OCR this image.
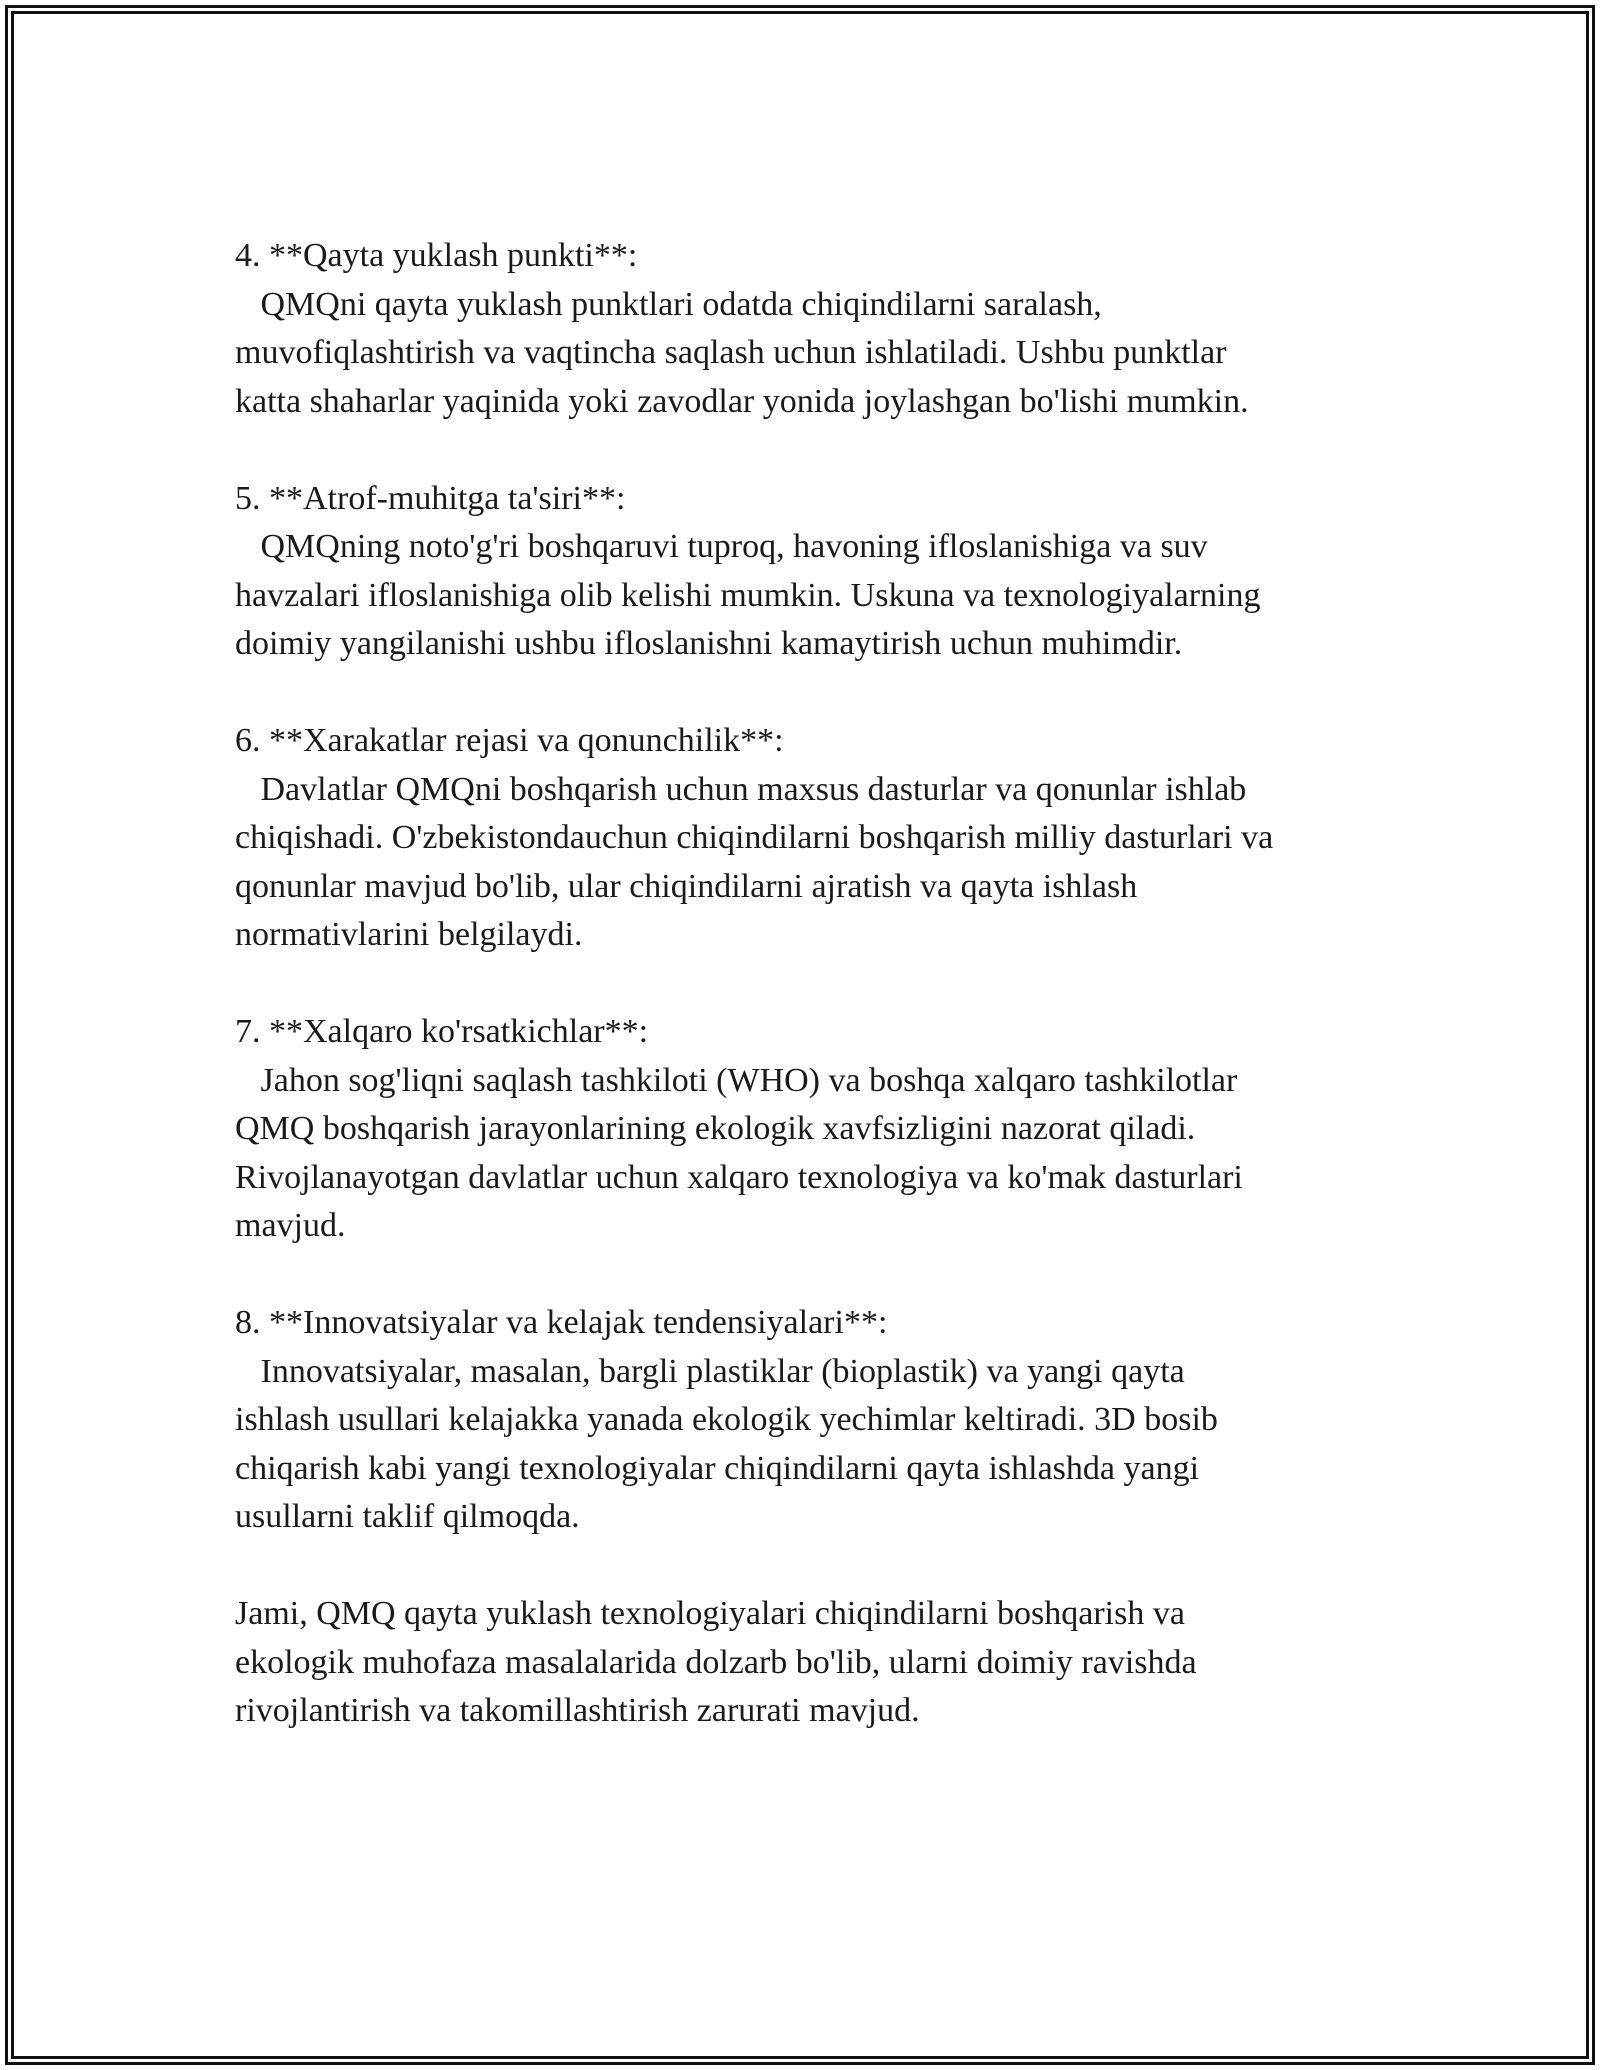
4. **Qayta yuklash punkti**:

QMQni qayta yuklash punktlari odatda chiqindilarni saralash,

muvofiqlashtirish va vaqtincha saqlash uchun ishlatiladi. Ushbu punktlar

katta shaharlar yaqinida yoki zavodlar yonida joylashgan bo'lishi mumkin.

5. **Atrof-muhitga ta'siri**:

QMQning noto'g'ri boshqaruvi tuproq, havoning ifloslanishiga va suv

havzalari ifloslanishiga olib kelishi mumkin. Uskuna va texnologiyalarning

doimiy yangilanishi ushbu ifloslanishni kamaytirish uchun muhimdir.

6. **Xarakatlar rejasi va qonunchilik**:

Davlatlar QMQni boshqarish uchun maxsus dasturlar va qonunlar ishlab

chiqishadi. O'zbekistondauchun chiqindilarni boshqarish milliy dasturlari va

qonunlar mavjud bo'lib, ular chiqindilarni ajratish va qayta ishlash

normativlarini belgilaydi.

7. **Xalqaro ko'rsatkichlar**:

Jahon sog'liqni saqlash tashkiloti (WHO) va boshqa xalqaro tashkilotlar

QMQ boshqarish jarayonlarining ekologik xavfsizligini nazorat qiladi.

Rivojlanayotgan davlatlar uchun xalqaro texnologiya va ko'mak dasturlari

mavjud.

8. **Innovatsiyalar va kelajak tendensiyalari**:

Innovatsiyalar, masalan, bargli plastiklar (bioplastik) va yangi qayta

ishlash usullari kelajakka yanada ekologik yechimlar keltiradi. 3D bosib

chiqarish kabi yangi texnologiyalar chiqindilarni qayta ishlashda yangi

usullarni taklif qilmoqda.

Jami, QMQ qayta yuklash texnologiyalari chiqindilarni boshqarish va

ekologik muhofaza masalalarida dolzarb bo'lib, ularni doimiy ravishda

rivojlantirish va takomillashtirish zarurati mavjud.
